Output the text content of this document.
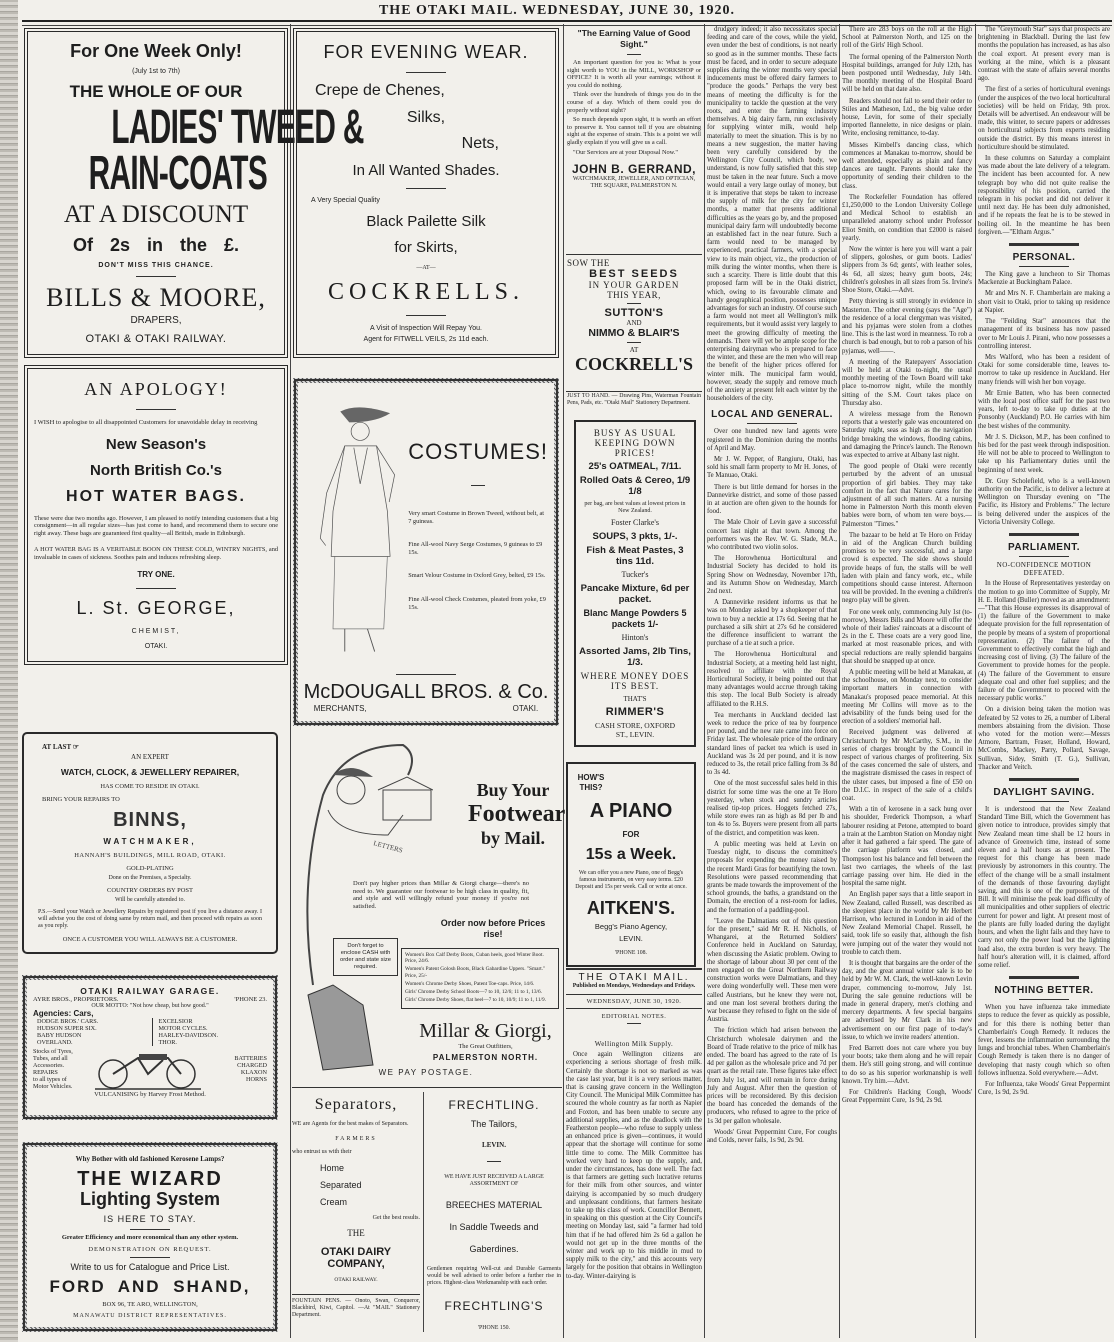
THE OTAKI MAIL. WEDNESDAY, JUNE 30, 1920.
For One Week Only!
(July 1st to 7th)
THE WHOLE OF OUR
LADIES' TWEED &
RAIN-COATS
AT A DISCOUNT
Of 2s in the £.
DON'T MISS THIS CHANCE.
BILLS & MOORE,
DRAPERS,
OTAKI & OTAKI RAILWAY.
FOR EVENING WEAR.
Crepe de Chenes,
Silks,
Nets,
In All Wanted Shades.
A Very Special Quality
Black Pailette Silk
for Skirts,
—AT—
COCKRELLS.
A Visit of Inspection Will Repay You.
Agent for FITWELL VEILS, 2s 11d each.
AN APOLOGY!
I WISH to apologise to all disappointed Customers for unavoidable delay in receiving
New Season's
North British Co.'s
HOT WATER BAGS.
These were due two months ago. However, I am pleased to notify intending customers that a big consignment—in all regular sizes—has just come to hand, and recommend them to secure one right away. These bags are guaranteed first quality—all British, made in Edinburgh.
A HOT WATER BAG IS A VERITABLE BOON ON THESE COLD, WINTRY NIGHTS, and invaluable in cases of sickness. Soothes pain and induces refreshing sleep.
TRY ONE.
L. St. GEORGE,
CHEMIST,
OTAKI.
COSTUMES!
Very smart Costume in Brown Tweed, without belt, at 7 guineas.
Fine All-wool Navy Serge Costumes, 9 guineas to £9 15s.
Smart Velour Costume in Oxford Grey, belted, £9 15s.
Fine All-wool Check Costumes, pleated from yoke, £9 15s.
McDOUGALL BROS. & Co.
MERCHANTS,	OTAKI.
AT LAST ☞
AN EXPERT
WATCH, CLOCK, & JEWELLERY REPAIRER,
HAS COME TO RESIDE IN OTAKI.
BRING YOUR REPAIRS TO
BINNS,
WATCHMAKER,
HANNAH'S BUILDINGS, MILL ROAD, OTAKI.
GOLD-PLATING
Done on the Premises, a Specialty.
COUNTRY ORDERS BY POST
Will be carefully attended to.
P.S.—Send your Watch or Jewellery Repairs by registered post if you live a distance away. I will advise you the cost of doing same by return mail, and then proceed with repairs as soon as you reply.
ONCE A CUSTOMER YOU WILL ALWAYS BE A CUSTOMER.
OTAKI RAILWAY GARAGE.
AYRE BROS., PROPRIETORS.	'PHONE 23.
OUR MOTTO: "Not how cheap, but how good."
Agencies: Cars,
DODGE BROS.' CARS.
HUDSON SUPER SIX.
BABY HUDSON
OVERLAND.
EXCELSIOR
MOTOR CYCLES.
HARLEY-DAVIDSON.
THOR.
Stocks of Tyres,
Tubes, and all
Accessories.
REPAIRS
to all types of
Motor Vehicles.
BATTERIES
CHARGED
KLAXON
HORNS
VULCANISING by Harvey Frost Method.
Why Bother with old fashioned Kerosene Lamps?
THE WIZARD
Lighting System
IS HERE TO STAY.
Greater Efficiency and more economical than any other system.
DEMONSTRATION ON REQUEST.
Write to us for Catalogue and Price List.
FORD AND SHAND,
BOX 96, TE ARO, WELLINGTON,
MANAWATU DISTRICT REPRESENTATIVES.
LETTERS
Buy Your
Footwear
by Mail.
Don't pay higher prices than Millar & Giorgi charge—there's no need to. We guarantee our footwear to be high class in quality, fit, and style and will willingly refund your money if you're not satisfied.
Order now before Prices rise!
Don't forget to enclose CASH with order and state size required.
Women's Box Calf Derby Boots, Cuban heels, good Winter Boot. Price, 24/6.
Women's Patent Golosh Boots, Black Gabardine Uppers. "Smart." Price, 25/-
Women's Chrome Derby Shoes, Patent Toe-caps. Price, 14/6.
Girls' Chrome Derby School Boots—7 to 10, 12/6; 11 to 1, 13/6.
Girls' Chrome Derby Shoes, flat heel—7 to 10, 10/9; 11 to 1, 11/9.
Millar & Giorgi,
The Great Outfitters,
PALMERSTON NORTH.
WE PAY POSTAGE.
Separators,
WE are Agents for the best makes of Separators.
FARMERS
who entrust us with their
Home
Separated
Cream
Get the best results.
THE
OTAKI DAIRY COMPANY,
OTAKI RAILWAY.
FOUNTAIN PENS. — Onoto, Swan, Conqueror, Blackbird, Kiwi, Capitol. —At "MAIL" Stationery Department.
FRECHTLING.
The Tailors,
LEVIN.
WE HAVE JUST RECEIVED A LARGE ASSORTMENT OF
BREECHES MATERIAL
In Saddle Tweeds and
Gaberdines.
Gentlemen requiring Well-cut and Durable Garments would be well advised to order before a further rise in prices. Highest-class Workmanship with each order.
FRECHTLING'S
'PHONE 150.
"The Earning Value of Good Sight."

An important question for you is: What is your sight worth to YOU in the MILL, WORKSHOP or OFFICE? It is worth all your earnings; without it you could do nothing.

Think over the hundreds of things you do in the course of a day. Which of them could you do properly without sight?

So much depends upon sight, it is worth an effort to preserve it. You cannot tell if you are obtaining sight at the expense of strain. This is a point we will gladly explain if you will give us a call.

"Our Services are at your Disposal Now."

JOHN B. GERRAND,
WATCHMAKER, JEWELLER, AND OPTICIAN,
THE SQUARE, PALMERSTON N.
SOW THE
BEST SEEDS
IN YOUR GARDEN
THIS YEAR,
SUTTON'S
AND
NIMMO & BLAIR'S
AT
COCKRELL'S
JUST TO HAND. — Drawing Pins, Waterman Fountain Pens, Pads, etc. "Otaki Mail" Stationery Department.
BUSY AS USUAL KEEPING DOWN PRICES!
25's OATMEAL, 7/11.
Rolled Oats & Cereo, 1/9 1/8
per bag, are best values at lowest prices in New Zealand.
Foster Clarke's
SOUPS, 3 pkts, 1/-.
Fish & Meat Pastes, 3 tins 11d.
Tucker's
Pancake Mixture, 6d per packet.
Blanc Mange Powders 5 packets 1/-
Hinton's
Assorted Jams, 2lb Tins, 1/3.
WHERE MONEY DOES ITS BEST.
THAT'S
RIMMER'S
CASH STORE, OXFORD ST., LEVIN.
HOW'S THIS?
A PIANO
FOR
15s a Week.
We can offer you a new Piano, one of Begg's famous instruments, on very easy terms. £20 Deposit and 15s per week. Call or write at once.
AITKEN'S.
Begg's Piano Agency,
LEVIN.
'PHONE 108.
THE OTAKI MAIL.
Published on Mondays, Wednesdays and Fridays.
WEDNESDAY, JUNE 30, 1920.
EDITORIAL NOTES.
Wellington Milk Supply.

Once again Wellington citizens are experiencing a serious shortage of fresh milk. Certainly the shortage is not so marked as was the case last year, but it is a very serious matter, that is causing grave concern in the Wellington City Council. The Municipal Milk Committee has scoured the whole country as far north as Napier and Foxton, and has been unable to secure any additional supplies, and as the deadlock with the Featherston people—who refuse to supply unless an enhanced price is given—continues, it would appear that the shortage will continue for some little time to come. The Milk Committee has worked very hard to keep up the supply, and, under the circumstances, has done well. The fact is that farmers are getting such lucrative returns for their milk from other sources, and winter dairying is accompanied by so much drudgery and unpleasant conditions, that farmers hesitate to take up this class of work. Councillor Bennett, in speaking on this question at the City Council's meeting on Monday last, said "a farmer had told him that if he had offered him 2s 6d a gallon he would not get up in the three months of the winter and work up to his middle in mud to supply milk to the city," and this accounts very largely for the position that obtains in Wellington to-day. Winter-dairying is

drudgery indeed; it also necessitates special feeding and care of the cows, while the yield, even under the best of conditions, is not nearly so good as in the summer months. These facts must be faced, and in order to secure adequate supplies during the winter months very special inducements must be offered dairy farmers to "produce the goods." Perhaps the very best means of meeting the difficulty is for the municipality to tackle the question at the very roots, and enter the farming industry themselves. A big dairy farm, run exclusively for supplying winter milk, would help materially to meet the situation. This is by no means a new suggestion, the matter having been very carefully considered by the Wellington City Council, which body, we understand, is now fully satisfied that this step must be taken in the near future. Such a move would entail a very large outlay of money, but it is imperative that steps be taken to increase the supply of milk for the city for winter months, a matter that presents additional difficulties as the years go by, and the proposed municipal dairy farm will undoubtedly become an established fact in the near future. Such a farm would need to be managed by experienced, practical farmers, with a special view to its main object, viz., the production of milk during the winter months, when there is such a scarcity. There is little doubt that this proposed farm will be in the Otaki district, which, owing to its favourable climate and handy geographical position, possesses unique advantages for such an industry. Of course such a farm would not meet all Wellington's milk requirements, but it would assist very largely to meet the growing difficulty of meeting the demands. There will yet be ample scope for the enterprising dairyman who is prepared to face the winter, and these are the men who will reap the benefit of the higher prices offered for winter milk. The municipal farm would, however, steady the supply and remove much of the anxiety at present felt each winter by the householders of the city.

LOCAL AND GENERAL.

Over one hundred new land agents were registered in the Dominion during the months of April and May.

Mr J. W. Pepper, of Rangiuru, Otaki, has sold his small farm property to Mr H. Jones, of Te Manuao, Otaki.

There is but little demand for horses in the Dannevirke district, and some of those passed in at auction are often given to the hounds for food.

The Male Choir of Levin gave a successful concert last night at that town. Among the performers was the Rev. W. G. Slade, M.A., who contributed two violin solos.

The Horowhenua Horticultural and Industrial Society has decided to hold its Spring Show on Wednesday, November 17th, and its Autumn Show on Wednesday, March 2nd next.

A Dannevirke resident informs us that he was on Monday asked by a shopkeeper of that town to buy a necktie at 17s 6d. Seeing that he purchased a silk shirt at 27s 6d he considered the difference insufficient to warrant the purchase of a tie at such a price.

The Horowhenua Horticultural and Industrial Society, at a meeting held last night, resolved to affiliate with the Royal Horticultural Society, it being pointed out that many advantages would accrue through taking this step. The local Bulb Society is already affiliated to the R.H.S.

Tea merchants in Auckland decided last week to reduce the price of tea by fourpence per pound, and the new rate came into force on Friday last. The wholesale price of the ordinary standard lines of packet tea which is used in Auckland was 3s 2d per pound, and it is now reduced to 3s, the retail price falling from 3s 8d to 3s 4d.

One of the most successful sales held in this district for some time was the one at Te Horo yesterday, when stock and sundry articles realised tip-top prices. Hoggets fetched 27s, while store ewes ran as high as 8d per lb and ton 4s to 5s. Buyers were present from all parts of the district, and competition was keen.

A public meeting was held at Levin on Tuesday night, to discuss the committee's proposals for expending the money raised by the recent Mardi Gras for beautifying the town. Resolutions were passed recommending that grants be made towards the improvement of the school grounds, the baths, a grandstand on the Domain, the erection of a rest-room for ladies, and the formation of a paddling-pool.

"Leave the Dalmatians out of this question for the present," said Mr R. H. Nicholls, of Whangarei, at the Returned Soldiers' Conference held in Auckland on Saturday, when discussing the Asiatic problem. Owing to the shortage of labour about 30 per cent of the men engaged on the Great Northern Railway construction works were Dalmatians, and they were doing wonderfully well. These men were called Austrians, but he knew they were not, and one man lost several brothers during the war because they refused to fight on the side of Austria.

The friction which had arisen between the Christchurch wholesale dairymen and the Board of Trade relative to the price of milk has ended. The board has agreed to the rate of 1s 4d per gallon as the wholesale price and 7d per quart as the retail rate. These figures take effect from July 1st, and will remain in force during July and August. After then the question of prices will be reconsidered. By this decision the board has conceded the demands of the producers, who refused to agree to the price of 1s 3d per gallon wholesale.

Woods' Great Peppermint Cure, For coughs and Colds, never fails, 1s 9d, 2s 9d.

There are 283 boys on the roll at the High School at Palmerston North, and 125 on the roll of the Girls' High School.

The formal opening of the Palmerston North Hospital buildings, arranged for July 12th, has been postponed until Wednesday, July 14th. The monthly meeting of the Hospital Board will be held on that date also.

Readers should not fail to send their order to Stiles and Matheson, Ltd., the big value order house, Levin, for some of their specially imported flannelette, in nice designs or plain. Write, enclosing remittance, to-day.

Misses Kimbell's dancing class, which commences at Manakau to-morrow, should be well attended, especially as plain and fancy dances are taught. Parents should take the opportunity of sending their children to the class.

The Rockefeller Foundation has offered £1,250,000 to the London University College and Medical School to establish an unparalleled anatomy school under Professor Eliot Smith, on condition that £2000 is raised yearly.

Now the winter is here you will want a pair of slippers, goloshes, or gum boots. Ladies' slippers from 3s 6d; gents', with leather soles, 4s 6d, all sizes; heavy gum boots, 24s; children's goloshes in all sizes from 5s. Irvine's Shoe Store, Otaki.—Advt.

Petty thieving is still strongly in evidence in Masterton. The other evening (says the "Age") the residence of a local clergyman was visited, and his pyjamas were stolen from a clothes line. This is the last word in meanness. To rob a church is bad enough, but to rob a parson of his pyjamas, well——.

A meeting of the Ratepayers' Association will be held at Otaki to-night, the usual monthly meeting of the Town Board will take place to-morrow night, while the monthly sitting of the S.M. Court takes place on Thursday also.

A wireless message from the Renown reports that a westerly gale was encountered on Saturday night, seas as high as the navigation bridge breaking the windows, flooding cabins, and damaging the Prince's launch. The Renown was expected to arrive at Albany last night.

The good people of Otaki were recently perturbed by the advent of an unusual proportion of girl babies. They may take comfort in the fact that Nature cares for the adjustment of all such matters. At a nursing home in Palmerston North this month eleven babies were born, of whom ten were boys.—Palmerston "Times."

The bazaar to be held at Te Horo on Friday in aid of the Anglican Church building promises to be very successful, and a large crowd is expected. The side shows should provide heaps of fun, the stalls will be well laden with plain and fancy work, etc., while competitions should cause interest. Afternoon tea will be provided. In the evening a children's negro play will be given.

For one week only, commencing July 1st (to-morrow), Messrs Bills and Moore will offer the whole of their ladies' raincoats at a discount of 2s in the £. These coats are a very good line, marked at most reasonable prices, and with special reductions are really splendid bargains that should be snapped up at once.

A public meeting will be held at Manakau, at the schoolhouse, on Monday next, to consider important matters in connection with Manakau's proposed peace memorial. At this meeting Mr Collins will move as to the advisability of the funds being used for the erection of a soldiers' memorial hall.

Received judgment was delivered at Christchurch by Mr McCarthy, S.M., in the series of charges brought by the Council in respect of various charges of profiteering. Six of the cases concerned the sale of ulsters, and the magistrate dismissed the cases in respect of the ulster cases, but imposed a fine of £50 on the D.I.C. in respect of the sale of a child's coat.

With a tin of kerosene in a sack hung over his shoulder, Frederick Thompson, a wharf labourer residing at Petone, attempted to board a train at the Lambton Station on Monday night after it had gathered a fair speed. The gate of the carriage platform was closed, and Thompson lost his balance and fell between the last two carriages, the wheels of the last carriage passing over him. He died in the hospital the same night.

An English paper says that a little seaport in New Zealand, called Russell, was described as the sleepiest place in the world by Mr Herbert Harrison, who lectured in London in aid of the New Zealand Memorial Chapel. Russell, he said, took life so easily that, although the fish were jumping out of the water they would not trouble to catch them.

It is thought that bargains are the order of the day, and the great annual winter sale is to be held by Mr W. M. Clark, the well-known Levin draper, commencing to-morrow, July 1st. During the sale genuine reductions will be made in general drapery, men's clothing and mercery departments. A few special bargains are advertised by Mr Clark in his new advertisement on our first page of to-day's issue, to which we invite readers' attention.

Fred Barrett does not care where you buy your boots; take them along and he will repair them. He's still going strong, and will continue to do so as his superior workmanship is well known. Try him.—Advt.

For Children's Hacking Cough, Woods' Great Peppermint Cure, 1s 9d, 2s 9d.

The "Greymouth Star" says that prospects are brightening in Blackball. During the last few months the population has increased, as has also the coal export. At present every man is working at the mine, which is a pleasant contrast with the state of affairs several months ago.

The first of a series of horticultural evenings (under the auspices of the two local horticultural societies) will be held on Friday, 9th prox. Details will be advertised. An endeavour will be made, this winter, to secure papers or addresses on horticultural subjects from experts residing outside the district. By this means interest in horticulture should be stimulated.

In these columns on Saturday a complaint was made about the late delivery of a telegram. The incident has been accounted for. A new telegraph boy who did not quite realise the responsibility of his position, carried the telegram in his pocket and did not deliver it until next day. He has been duly admonished, and if he repeats the feat he is to be stewed in boiling oil. In the meantime he has been forgiven.—"Eltham Argus."

PERSONAL.

The King gave a luncheon to Sir Thomas Mackenzie at Buckingham Palace.

Mr and Mrs N. F. Chamberlain are making a short visit to Otaki, prior to taking up residence at Napier.

The "Feilding Star" announces that the management of its business has now passed over to Mr Louis J. Pirani, who now possesses a controlling interest.

Mrs Walford, who has been a resident of Otaki for some considerable time, leaves to-morrow to take up residence in Auckland. Her many friends will wish her bon voyage.

Mr Ernie Batten, who has been connected with the local post office staff for the past two years, left to-day to take up duties at the Ponsonby (Auckland) P.O. He carries with him the best wishes of the community.

Mr J. S. Dickson, M.P., has been confined to his bed for the past week through indisposition. He will not be able to proceed to Wellington to take up his Parliamentary duties until the beginning of next week.

Dr. Guy Scholefield, who is a well-known authority on the Pacific, is to deliver a lecture at Wellington on Thursday evening on "The Pacific, its History and Problems." The lecture is being delivered under the auspices of the Victoria University College.

PARLIAMENT.
NO-CONFIDENCE MOTION DEFEATED.

In the House of Representatives yesterday on the motion to go into Committee of Supply, Mr H. E. Holland (Buller) moved as an amendment:—"That this House expresses its disapproval of (1) the failure of the Government to make adequate provision for the full representation of the people by means of a system of proportional representation. (2) The failure of the Government to effectively combat the high and increasing cost of living. (3) The failure of the Government to provide homes for the people. (4) The failure of the Government to ensure adequate coal and other fuel supplies; and the failure of the Government to proceed with the necessary public works."

On a division being taken the motion was defeated by 52 votes to 26, a number of Liberal members abstaining from the division. Those who voted for the motion were:—Messrs Atmore, Bartram, Fraser, Holland, Howard, McCombs, Mackey, Parry, Pollard, Savage, Sullivan, Sidey, Smith (T. G.), Sullivan, Thacker and Veitch.

DAYLIGHT SAVING.

It is understood that the New Zealand Standard Time Bill, which the Government has given notice to introduce, provides simply that New Zealand mean time shall be 12 hours in advance of Greenwich time, instead of some eleven and a half hours as at present. The request for this change has been made previously by astronomers in this country. The effect of the change will be a small instalment of the demands of those favouring daylight saving, and this is one of the purposes of the Bill. It will minimise the peak load difficulty of all municipalities and other suppliers of electric current for power and light. At present most of the plants are fully loaded during the daylight hours, and when the light fails and they have to carry not only the power load but the lighting load also, the extra burden is very heavy. The half hour's alteration will, it is claimed, afford some relief.

NOTHING BETTER.

When you have influenza take immediate steps to reduce the fever as quickly as possible, and for this there is nothing better than Chamberlain's Cough Remedy. It reduces the fever, lessens the inflammation surrounding the lungs and bronchial tubes. When Chamberlain's Cough Remedy is taken there is no danger of developing that nasty cough which so often follows influenza. Sold everywhere.—Advt.

For Influenza, take Woods' Great Peppermint Cure, 1s 9d, 2s 9d.
